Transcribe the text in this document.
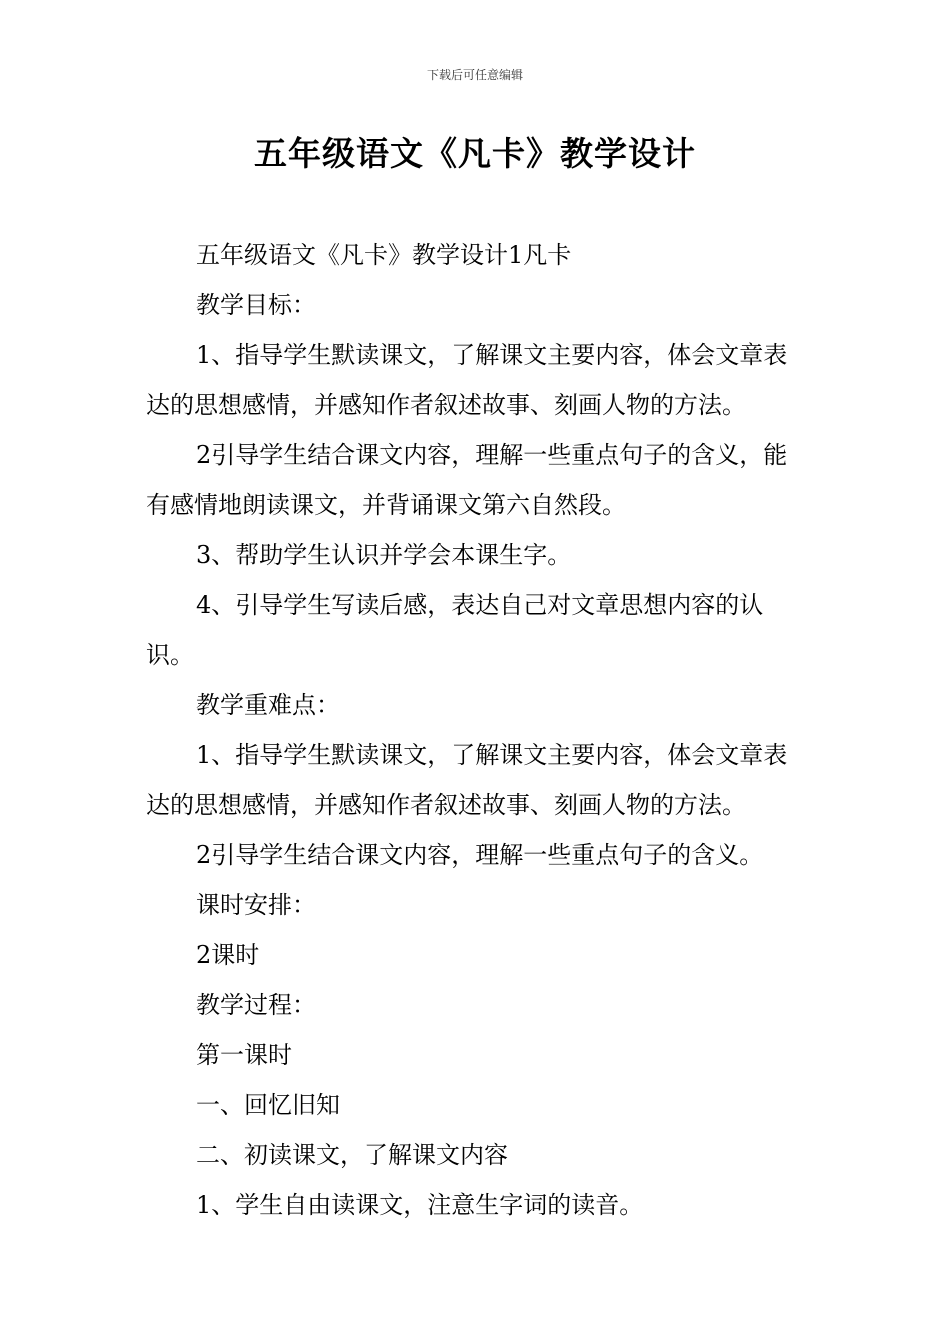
下载后可任意编辑
五年级语文《凡卡》教学设计

五年级语文《凡卡》教学设计1凡卡

教学目标：

1、指导学生默读课文，了解课文主要内容，体会文章表达的思想感情，并感知作者叙述故事、刻画人物的方法。

2引导学生结合课文内容，理解一些重点句子的含义，能有感情地朗读课文，并背诵课文第六自然段。

3、帮助学生认识并学会本课生字。

4、引导学生写读后感，表达自己对文章思想内容的认识。

教学重难点：

1、指导学生默读课文，了解课文主要内容，体会文章表达的思想感情，并感知作者叙述故事、刻画人物的方法。

2引导学生结合课文内容，理解一些重点句子的含义。

课时安排：

2课时

教学过程：

第一课时

一、回忆旧知

二、初读课文，了解课文内容

1、学生自由读课文，注意生字词的读音。
